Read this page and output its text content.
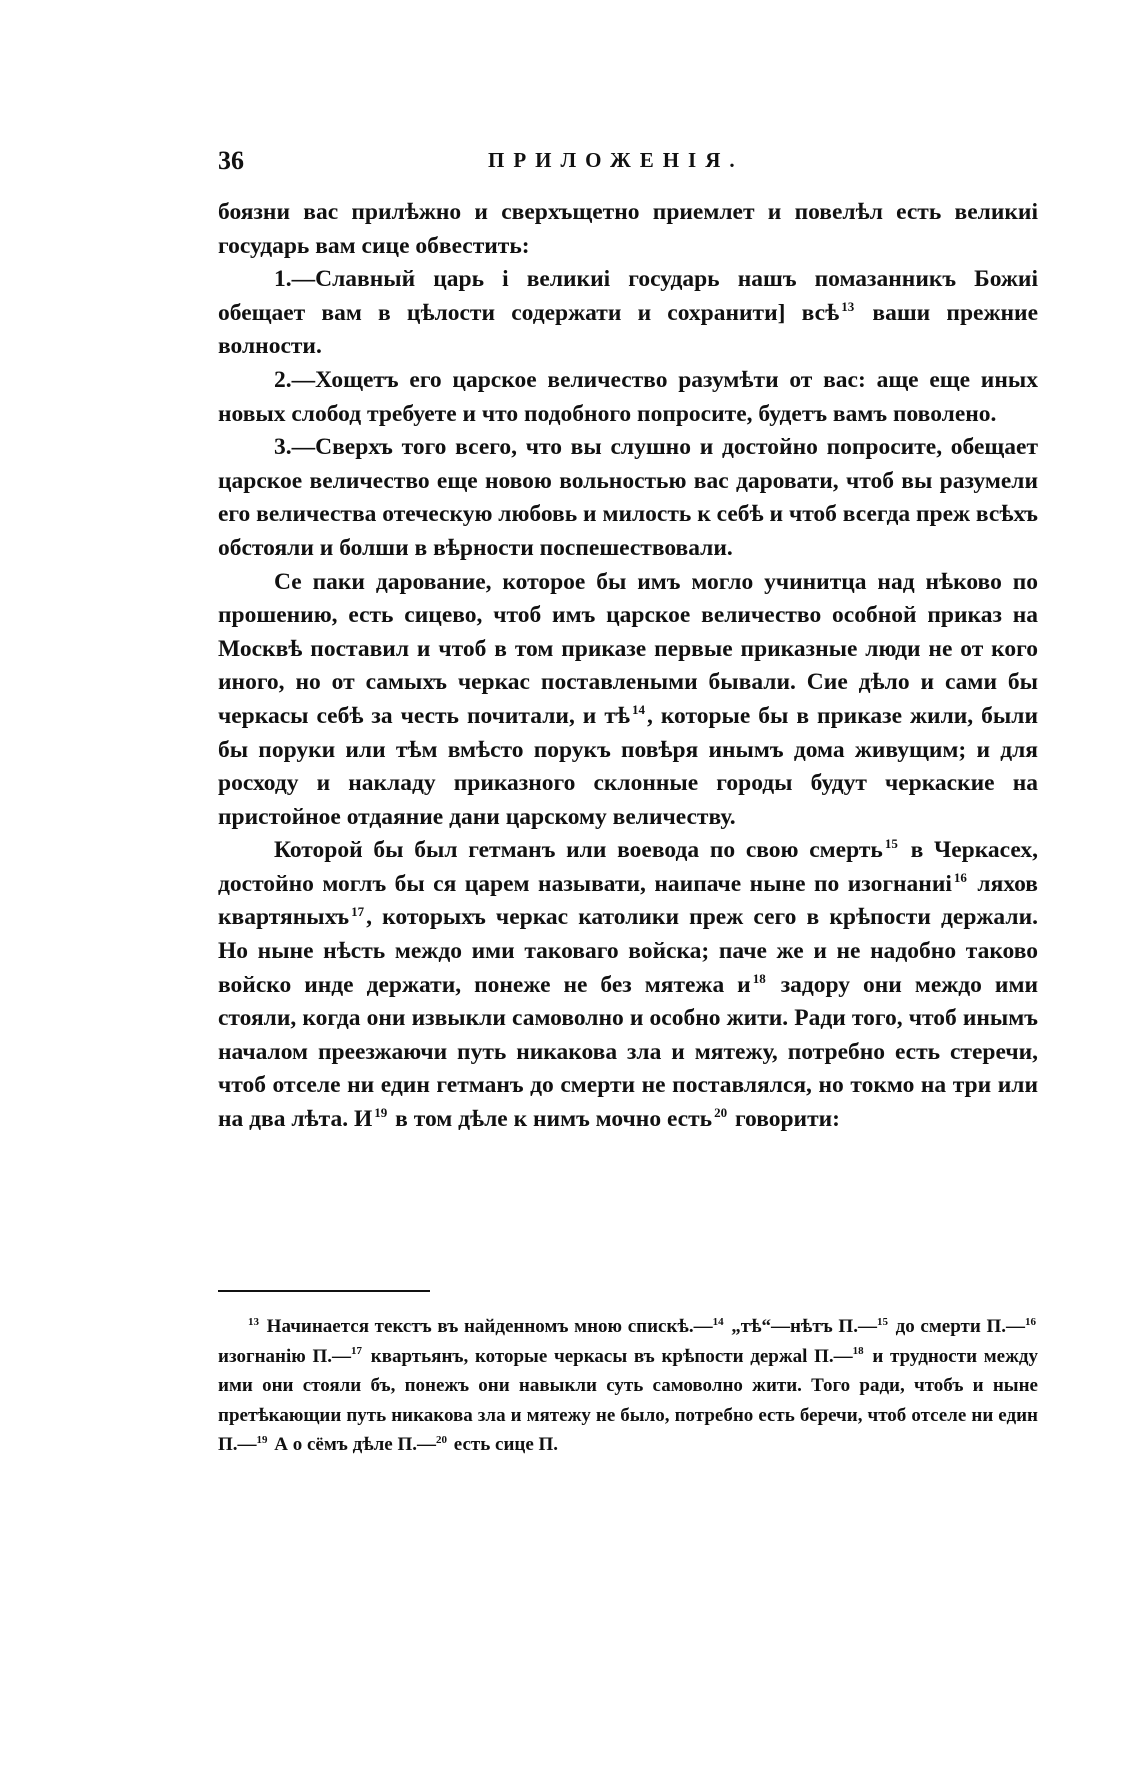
36	ПРИЛОЖЕНІЯ.

боязни вас прилѣжно и сверхъщетно приемлет и повелѣл есть великиі государь вам сице обвестить:

1.—Славный царь і великиі государь нашъ помазанникъ Божиі обещает вам в цѣлости содержати и сохранити] всѣ $^{13}$ ваши прежние волности.

2.—Хощетъ его царское величество разумѣти от вас: аще еще иных новых слобод требуете и что подобного попросите, будетъ вамъ поволено.

3.—Сверхъ того всего, что вы слушно и достойно попросите, обещает царское величество еще новою вольностью вас даровати, чтоб вы разумели его величества отеческую любовь и милость к себѣ и чтоб всегда преж всѣхъ обстояли и болши в вѣрности поспешествовали.

Се паки дарование, которое бы имъ могло учинитца над нѣково по прошению, есть сицево, чтоб имъ царское величество особной приказ на Москвѣ поставил и чтоб в том приказе первые приказные люди не от кого иного, но от самыхъ черкас поставлеными бывали. Сие дѣло и сами бы черкасы себѣ за честь почитали, и тѣ $^{14}$, которые бы в приказе жили, были бы поруки или тѣм вмѣсто порукъ повѣря инымъ дома живущим; и для росходу и накладу приказного склонные городы будут черкаские на пристойное отдаяние дани царскому величеству.

Которой бы был гетманъ или воевода по свою смерть $^{15}$ в Черкасех, достойно моглъ бы ся царем называти, наипаче ныне по изогнаниі $^{16}$ ляхов квартяныхъ $^{17}$, которыхъ черкас католики преж сего в крѣпости держали. Но ныне нѣсть междо ими таковаго войска; паче же и не надобно таково войско инде держати, понеже не без мятежа и $^{18}$ задору они междо ими стояли, когда они извыкли самоволно и особно жити. Ради того, чтоб инымъ началом преезжаючи путь никакова зла и мятежу, потребно есть стеречи, чтоб отселе ни един гетманъ до смерти не поставлялся, но токмо на три или на два лѣта. И $^{19}$ в том дѣле к нимъ мочно есть $^{20}$ говорити:

$^{13}$ Начинается текстъ въ найденномъ мною спискѣ.—$^{14}$ „тѣ“—нѣтъ П.—$^{15}$ до смерти П.—$^{16}$ изогнанію П.—$^{17}$ квартьянъ, которые черкасы въ крѣпости держаl П.—$^{18}$ и трудности между ими они стояли бъ, понежъ они навыкли суть самоволно жити. Того ради, чтобъ и ныне претѣкающии путь никакова зла и мятежу не было, потребно есть беречи, чтоб отселе ни един П.—$^{19}$ А о сёмъ дѣле П.—$^{20}$ есть сице П.
